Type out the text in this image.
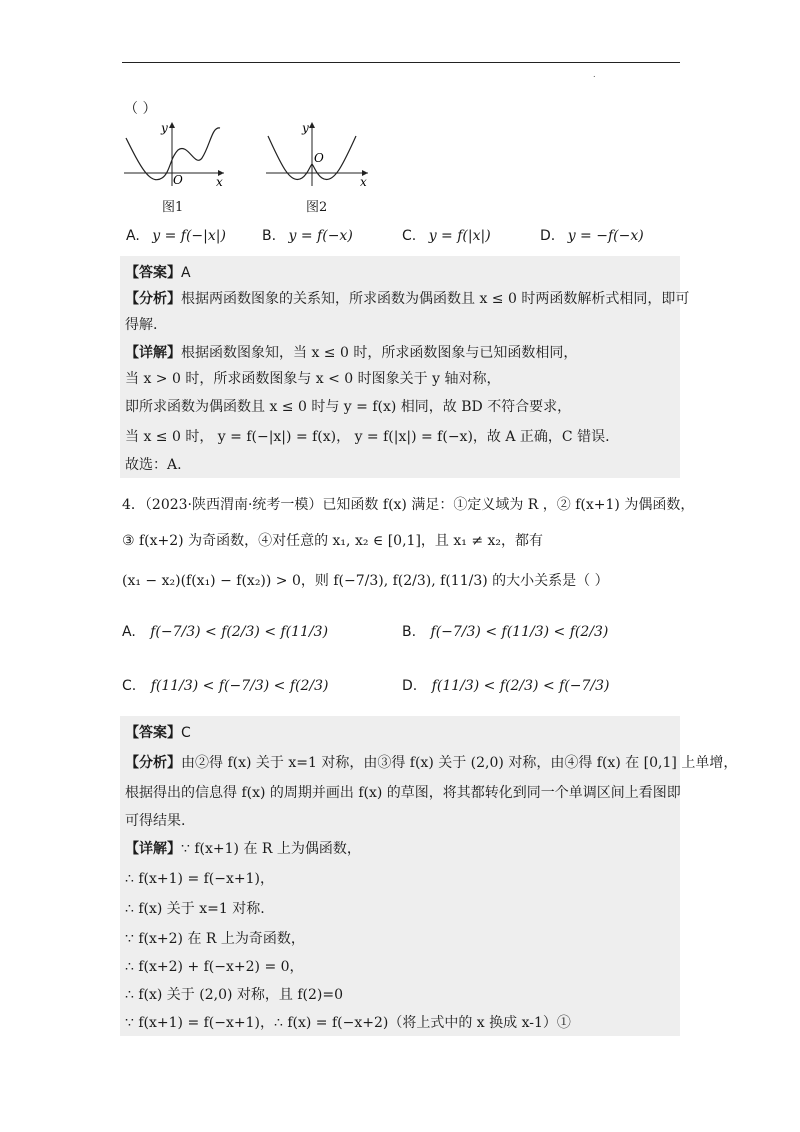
.
（ ）
y
x
O
图1
y
x
O
图2
A. y = f(−|x|)	B. y = f(−x)	C. y = f(|x|)	D. y = −f(−x)
【答案】A
【分析】根据两函数图象的关系知，所求函数为偶函数且 x ≤ 0 时两函数解析式相同，即可
得解.
【详解】根据函数图象知，当 x ≤ 0 时，所求函数图象与已知函数相同，
当 x > 0 时，所求函数图象与 x < 0 时图象关于 y 轴对称，
即所求函数为偶函数且 x ≤ 0 时与 y = f(x) 相同，故 BD 不符合要求，
当 x ≤ 0 时， y = f(−|x|) = f(x)， y = f(|x|) = f(−x)，故 A 正确，C 错误.
故选：A.
4．（2023·陕西渭南·统考一模）已知函数 f(x) 满足：①定义域为 R ，② f(x+1) 为偶函数，
③ f(x+2) 为奇函数，④对任意的 x₁, x₂ ∈ [0,1]，且 x₁ ≠ x₂，都有
(x₁ − x₂)(f(x₁) − f(x₂)) > 0，则 f(−7/3), f(2/3), f(11/3) 的大小关系是（ ）
A. f(−7/3) < f(2/3) < f(11/3)	B. f(−7/3) < f(11/3) < f(2/3)
C. f(11/3) < f(−7/3) < f(2/3)	D. f(11/3) < f(2/3) < f(−7/3)
【答案】C
【分析】由②得 f(x) 关于 x=1 对称，由③得 f(x) 关于 (2,0) 对称，由④得 f(x) 在 [0,1] 上单增，
根据得出的信息得 f(x) 的周期并画出 f(x) 的草图，将其都转化到同一个单调区间上看图即
可得结果.
【详解】∵ f(x+1) 在 R 上为偶函数，
∴ f(x+1) = f(−x+1)，
∴ f(x) 关于 x=1 对称.
∵ f(x+2) 在 R 上为奇函数，
∴ f(x+2) + f(−x+2) = 0，
∴ f(x) 关于 (2,0) 对称，且 f(2)=0
∵ f(x+1) = f(−x+1)，∴ f(x) = f(−x+2)（将上式中的 x 换成 x-1）①
